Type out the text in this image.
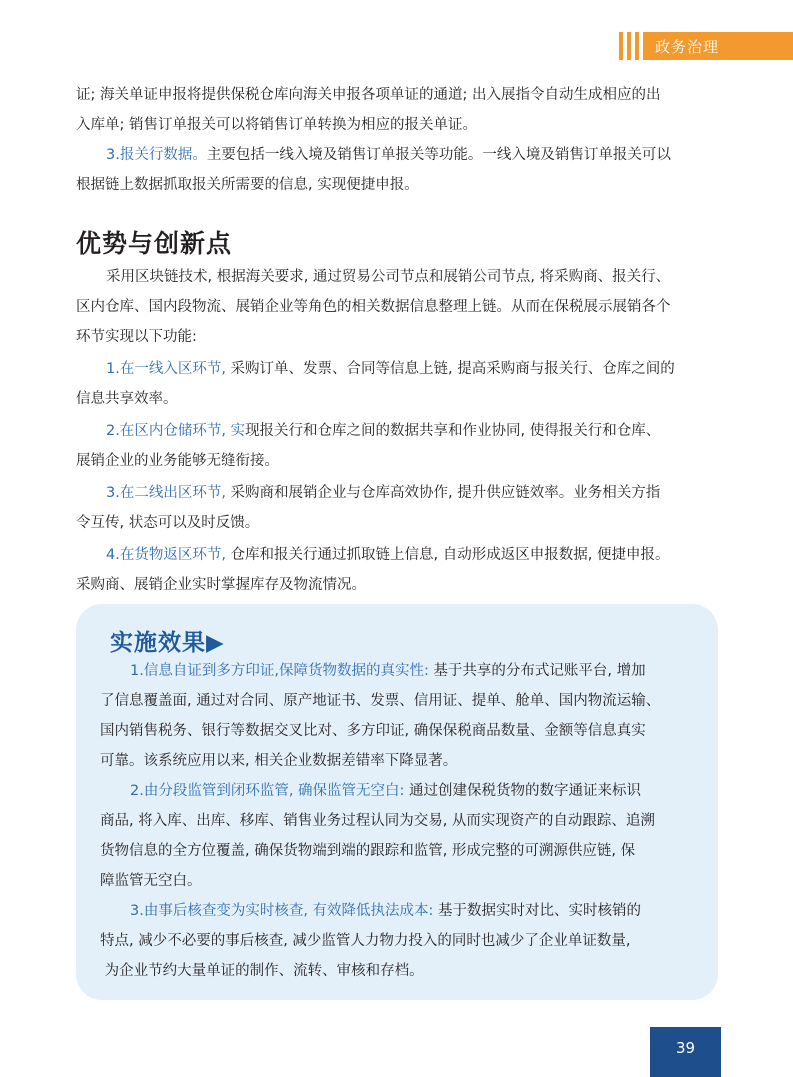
政务治理

证; 海关单证申报将提供保税仓库向海关申报各项单证的通道; 出入展指令自动生成相应的出
入库单; 销售订单报关可以将销售订单转换为相应的报关单证。

3.报关行数据。主要包括一线入境及销售订单报关等功能。一线入境及销售订单报关可以
根据链上数据抓取报关所需要的信息, 实现便捷申报。

优势与创新点

采用区块链技术, 根据海关要求, 通过贸易公司节点和展销公司节点, 将采购商、报关行、
区内仓库、国内段物流、展销企业等角色的相关数据信息整理上链。从而在保税展示展销各个
环节实现以下功能:

1.在一线入区环节, 采购订单、发票、合同等信息上链, 提高采购商与报关行、仓库之间的
信息共享效率。

2.在区内仓储环节, 实现报关行和仓库之间的数据共享和作业协同, 使得报关行和仓库、
展销企业的业务能够无缝衔接。

3.在二线出区环节, 采购商和展销企业与仓库高效协作, 提升供应链效率。业务相关方指
令互传, 状态可以及时反馈。

4.在货物返区环节, 仓库和报关行通过抓取链上信息, 自动形成返区申报数据, 便捷申报。
采购商、展销企业实时掌握库存及物流情况。

实施效果▶

1.信息自证到多方印证,保障货物数据的真实性: 基于共享的分布式记账平台, 增加
了信息覆盖面, 通过对合同、原产地证书、发票、信用证、提单、舱单、国内物流运输、
国内销售税务、银行等数据交叉比对、多方印证, 确保保税商品数量、金额等信息真实
可靠。该系统应用以来, 相关企业数据差错率下降显著。

2.由分段监管到闭环监管, 确保监管无空白: 通过创建保税货物的数字通证来标识
商品, 将入库、出库、移库、销售业务过程认同为交易, 从而实现资产的自动跟踪、追溯
货物信息的全方位覆盖, 确保货物端到端的跟踪和监管, 形成完整的可溯源供应链, 保
障监管无空白。

3.由事后核查变为实时核查, 有效降低执法成本: 基于数据实时对比、实时核销的
特点, 减少不必要的事后核查, 减少监管人力物力投入的同时也减少了企业单证数量,
为企业节约大量单证的制作、流转、审核和存档。

39
